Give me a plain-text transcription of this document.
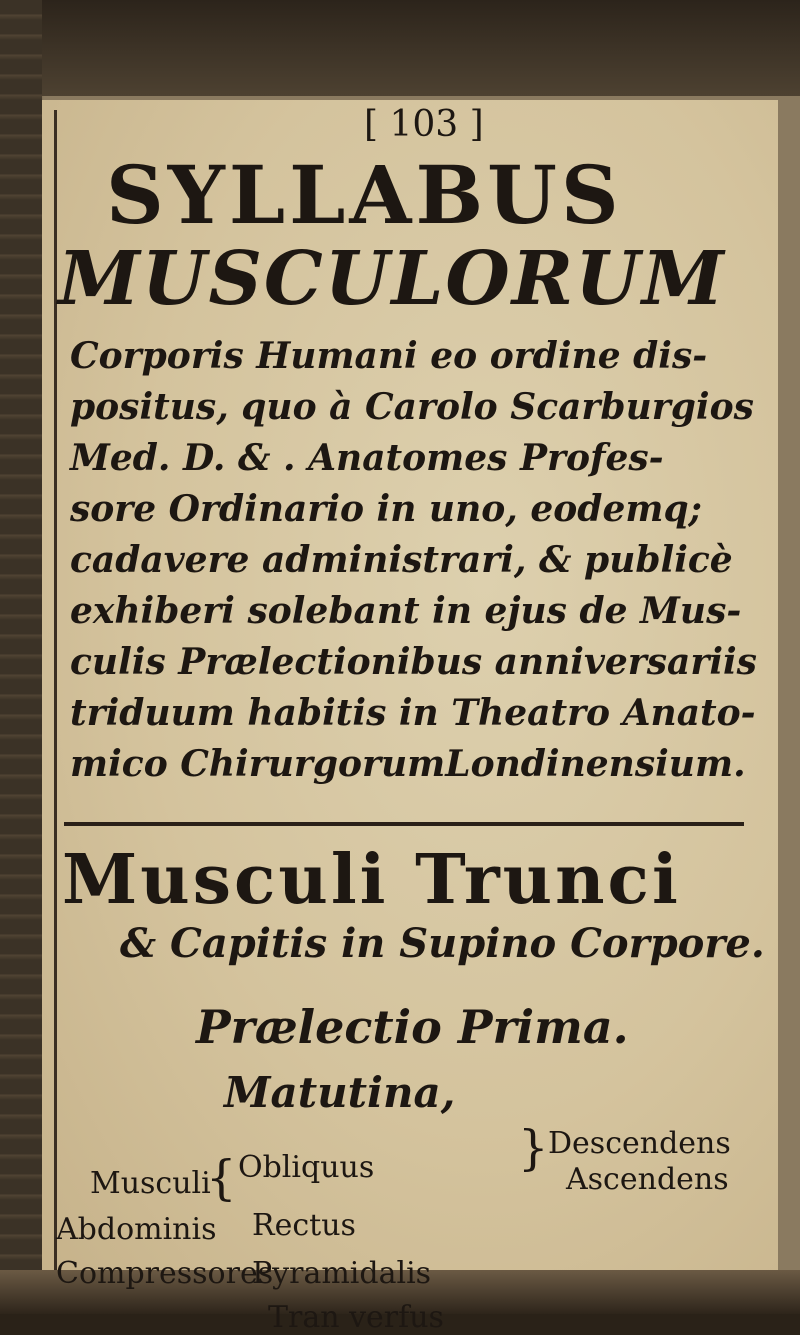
[ 103 ]
SYLLABUS
MUSCULORUM
Corporis Humani eo ordine dis-
positus, quo à Carolo Scarburgios
Med. D. & . Anatomes Profes-
sore Ordinario in uno, eodemq;
cadavere administrari, & publicè
exhiberi solebant in ejus de Mus-
culis Prælectionibus anniversariis
triduum habitis in Theatro Anato-
mico ChirurgorumLondinensium.
Musculi Trunci
& Capitis in Supino Corpore.
Prælectio Prima.
Matutina,
Musculi
Abdominis
Compressores
{ Obliquus
Rectus
Pyramidalis
Tran verfus
} Descendens
Ascendens
